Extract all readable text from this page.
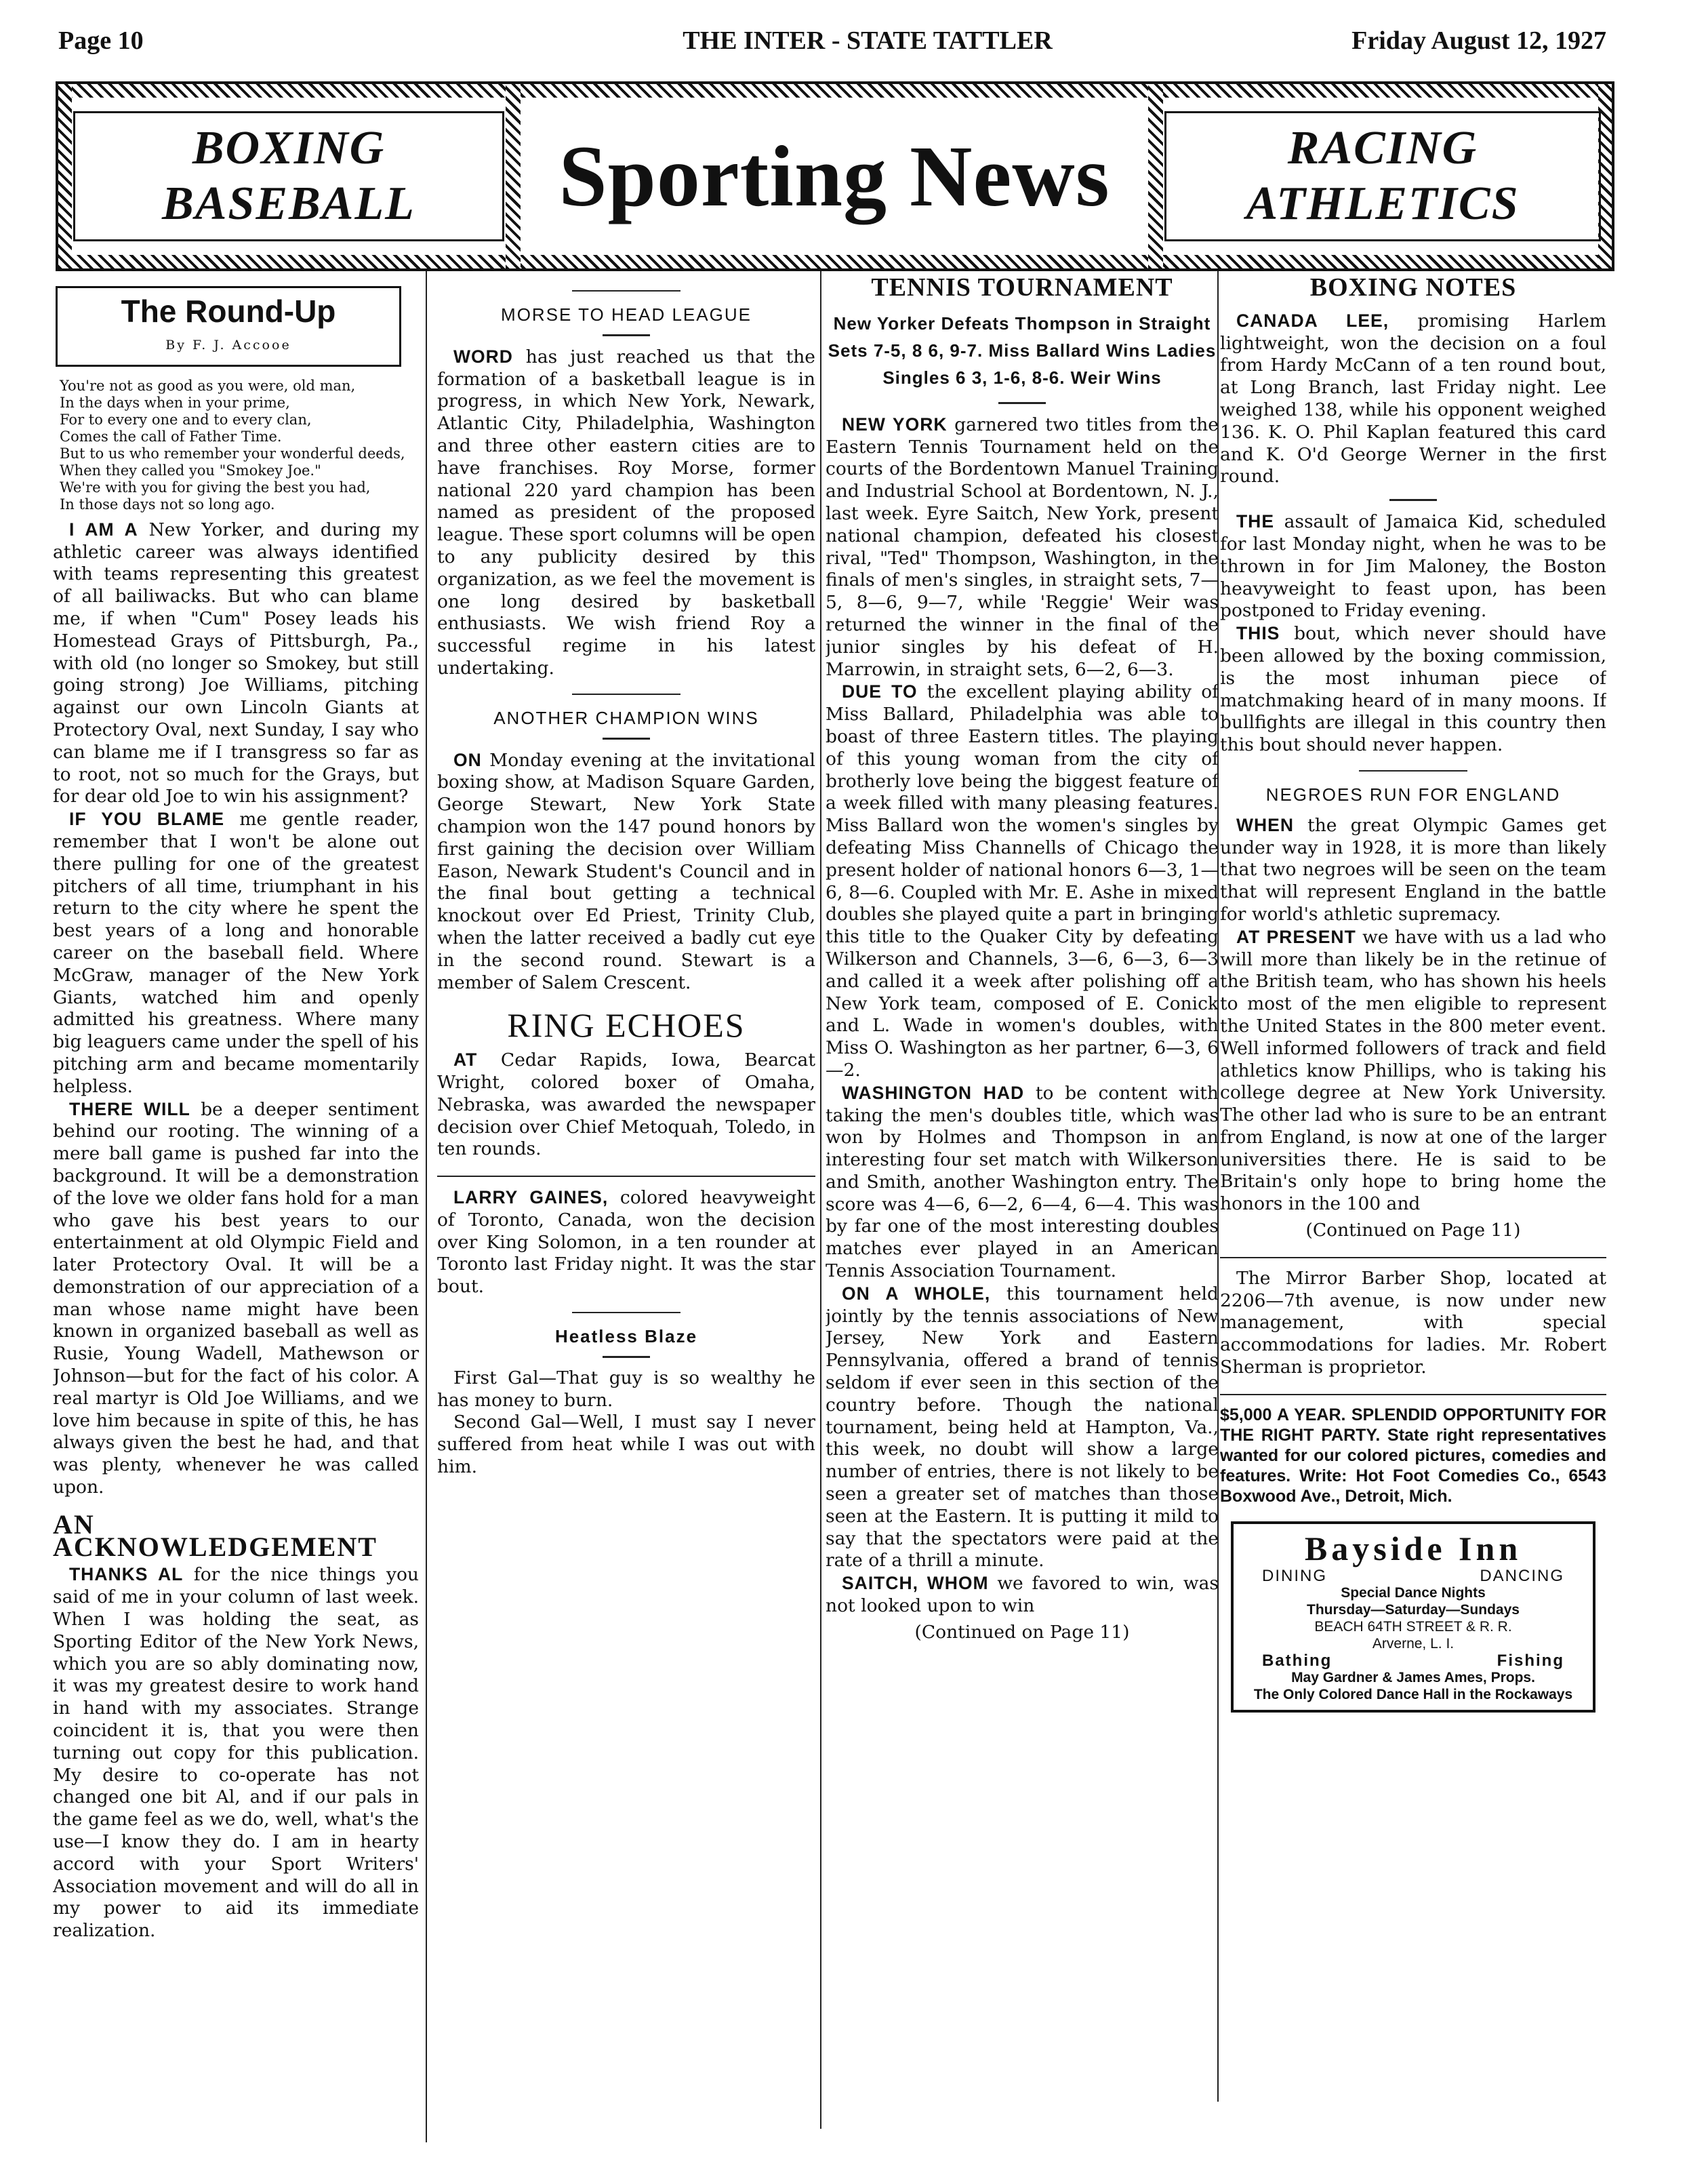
Page 10	THE INTER - STATE TATTLER	Friday August 12, 1927
BOXING
BASEBALL Sporting News	RACING
ATHLETICS
The Round-Up
By F. J. Accooe
You're not as good as you were, old man,
In the days when in your prime,
For to every one and to every clan,
Comes the call of Father Time.
But to us who remember your wonderful deeds,
When they called you "Smokey Joe."
We're with you for giving the best you had,
In those days not so long ago.

I AM A New Yorker, and during my athletic career was always identified with teams representing this greatest of all bailiwacks. But who can blame me, if when "Cum" Posey leads his Homestead Grays of Pittsburgh, Pa., with old (no longer so Smokey, but still going strong) Joe Williams, pitching against our own Lincoln Giants at Protectory Oval, next Sunday, I say who can blame me if I transgress so far as to root, not so much for the Grays, but for dear old Joe to win his assignment?

IF YOU BLAME me gentle reader, remember that I won't be alone out there pulling for one of the greatest pitchers of all time, triumphant in his return to the city where he spent the best years of a long and honorable career on the baseball field. Where McGraw, manager of the New York Giants, watched him and openly admitted his greatness. Where many big leaguers came under the spell of his pitching arm and became momentarily helpless.

THERE WILL be a deeper sentiment behind our rooting. The winning of a mere ball game is pushed far into the background. It will be a demonstration of the love we older fans hold for a man who gave his best years to our entertainment at old Olympic Field and later Protectory Oval. It will be a demonstration of our appreciation of a man whose name might have been known in organized baseball as well as Rusie, Young Wadell, Mathewson or Johnson—but for the fact of his color. A real martyr is Old Joe Williams, and we love him because in spite of this, he has always given the best he had, and that was plenty, whenever he was called upon.

AN ACKNOWLEDGEMENT

THANKS AL for the nice things you said of me in your column of last week. When I was holding the seat, as Sporting Editor of the New York News, which you are so ably dominating now, it was my greatest desire to work hand in hand with my associates. Strange coincident it is, that you were then turning out copy for this publication. My desire to co-operate has not changed one bit Al, and if our pals in the game feel as we do, well, what's the use—I know they do. I am in hearty accord with your Sport Writers' Association movement and will do all in my power to aid its immediate realization.

MORSE TO HEAD LEAGUE

WORD has just reached us that the formation of a basketball league is in progress, in which New York, Newark, Atlantic City, Philadelphia, Washington and three other eastern cities are to have franchises. Roy Morse, former national 220 yard champion has been named as president of the proposed league. These sport columns will be open to any publicity desired by this organization, as we feel the movement is one long desired by basketball enthusiasts. We wish friend Roy a successful regime in his latest undertaking.

ANOTHER CHAMPION WINS

ON Monday evening at the invitational boxing show, at Madison Square Garden, George Stewart, New York State champion won the 147 pound honors by first gaining the decision over William Eason, Newark Student's Council and in the final bout getting a technical knockout over Ed Priest, Trinity Club, when the latter received a badly cut eye in the second round. Stewart is a member of Salem Crescent.

RING ECHOES

AT Cedar Rapids, Iowa, Bearcat Wright, colored boxer of Omaha, Nebraska, was awarded the newspaper decision over Chief Metoquah, Toledo, in ten rounds.

LARRY GAINES, colored heavyweight of Toronto, Canada, won the decision over King Solomon, in a ten rounder at Toronto last Friday night. It was the star bout.

Heatless Blaze

First Gal—That guy is so wealthy he has money to burn.

Second Gal—Well, I must say I never suffered from heat while I was out with him.

TENNIS TOURNAMENT
New Yorker Defeats Thompson in Straight Sets 7-5, 8 6, 9-7. Miss Ballard Wins Ladies Singles 6 3, 1-6, 8-6. Weir Wins

NEW YORK garnered two titles from the Eastern Tennis Tournament held on the courts of the Bordentown Manuel Training and Industrial School at Bordentown, N. J., last week. Eyre Saitch, New York, present national champion, defeated his closest rival, "Ted" Thompson, Washington, in the finals of men's singles, in straight sets, 7—5, 8—6, 9—7, while 'Reggie' Weir was returned the winner in the final of the junior singles by his defeat of H. Marrowin, in straight sets, 6—2, 6—3.

DUE TO the excellent playing ability of Miss Ballard, Philadelphia was able to boast of three Eastern titles. The playing of this young woman from the city of brotherly love being the biggest feature of a week filled with many pleasing features. Miss Ballard won the women's singles by defeating Miss Channells of Chicago the present holder of national honors 6—3, 1—6, 8—6. Coupled with Mr. E. Ashe in mixed doubles she played quite a part in bringing this title to the Quaker City by defeating Wilkerson and Channels, 3—6, 6—3, 6—3 and called it a week after polishing off a New York team, composed of E. Conick and L. Wade in women's doubles, with Miss O. Washington as her partner, 6—3, 6—2.

WASHINGTON HAD to be content with taking the men's doubles title, which was won by Holmes and Thompson in an interesting four set match with Wilkerson and Smith, another Washington entry. The score was 4—6, 6—2, 6—4, 6—4. This was by far one of the most interesting doubles matches ever played in an American Tennis Association Tournament.

ON A WHOLE, this tournament held jointly by the tennis associations of New Jersey, New York and Eastern Pennsylvania, offered a brand of tennis seldom if ever seen in this section of the country before. Though the national tournament, being held at Hampton, Va., this week, no doubt will show a large number of entries, there is not likely to be seen a greater set of matches than those seen at the Eastern. It is putting it mild to say that the spectators were paid at the rate of a thrill a minute.

SAITCH, WHOM we favored to win, was not looked upon to win

(Continued on Page 11)

BOXING NOTES

CANADA LEE, promising Harlem lightweight, won the decision on a foul from Hardy McCann of a ten round bout, at Long Branch, last Friday night. Lee weighed 138, while his opponent weighed 136. K. O. Phil Kaplan featured this card and K. O'd George Werner in the first round.

THE assault of Jamaica Kid, scheduled for last Monday night, when he was to be thrown in for Jim Maloney, the Boston heavyweight to feast upon, has been postponed to Friday evening.

THIS bout, which never should have been allowed by the boxing commission, is the most inhuman piece of matchmaking heard of in many moons. If bullfights are illegal in this country then this bout should never happen.

NEGROES RUN FOR ENGLAND

WHEN the great Olympic Games get under way in 1928, it is more than likely that two negroes will be seen on the team that will represent England in the battle for world's athletic supremacy.

AT PRESENT we have with us a lad who will more than likely be in the retinue of the British team, who has shown his heels to most of the men eligible to represent the United States in the 800 meter event. Well informed followers of track and field athletics know Phillips, who is taking his college degree at New York University. The other lad who is sure to be an entrant from England, is now at one of the larger universities there. He is said to be Britain's only hope to bring home the honors in the 100 and

(Continued on Page 11)

The Mirror Barber Shop, located at 2206—7th avenue, is now under new management, with special accommodations for ladies. Mr. Robert Sherman is proprietor.

$5,000 A YEAR. SPLENDID OPPORTUNITY FOR THE RIGHT PARTY. State right representatives wanted for our colored pictures, comedies and features. Write: Hot Foot Comedies Co., 6543 Boxwood Ave., Detroit, Mich.

Bayside Inn
DINING	DANCING
Special Dance Nights
Thursday—Saturday—Sundays
BEACH 64TH STREET & R. R.
Arverne, L. I.
Bathing	Fishing
May Gardner & James Ames, Props.
The Only Colored Dance Hall in the Rockaways
